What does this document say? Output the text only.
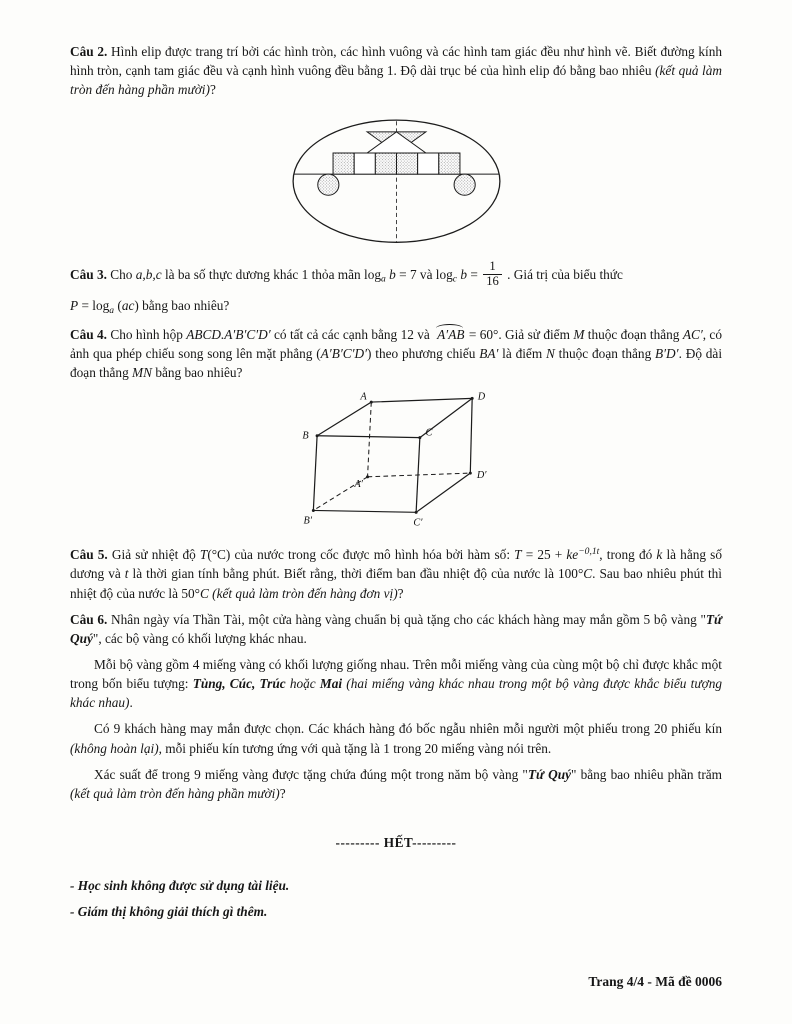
Câu 2. Hình elip được trang trí bởi các hình tròn, các hình vuông và các hình tam giác đều như hình vẽ. Biết đường kính hình tròn, cạnh tam giác đều và cạnh hình vuông đều bằng 1. Độ dài trục bé của hình elip đó bằng bao nhiêu (kết quả làm tròn đến hàng phần mười)?

Câu 3. Cho a,b,c là ba số thực dương khác 1 thỏa mãn $\log_a b = 7$ và $\log_c b = \frac{1}{16}$ . Giá trị của biểu thức

$P = \log_a (ac)$ bằng bao nhiêu?

Câu 4. Cho hình hộp ABCD.A′B′C′D′ có tất cả các cạnh bằng 12 và A′AB = 60°. Giả sử điểm M thuộc đoạn thẳng AC′, có ảnh qua phép chiếu song song lên mặt phẳng (A′B′C′D′) theo phương chiếu BA′ là điểm N thuộc đoạn thẳng B′D′. Độ dài đoạn thẳng MN bằng bao nhiêu?

A
B	C
D
A′
B′	C′
D′

Câu 5. Giả sử nhiệt độ T(°C) của nước trong cốc được mô hình hóa bởi hàm số: $T = 25 + ke^{-0,1t}$, trong đó k là hằng số dương và t là thời gian tính bằng phút. Biết rằng, thời điểm ban đầu nhiệt độ của nước là 100°C. Sau bao nhiêu phút thì nhiệt độ của nước là 50°C (kết quả làm tròn đến hàng đơn vị)?

Câu 6. Nhân ngày vía Thần Tài, một cửa hàng vàng chuẩn bị quà tặng cho các khách hàng may mắn gồm 5 bộ vàng "Tứ Quý", các bộ vàng có khối lượng khác nhau.

Mỗi bộ vàng gồm 4 miếng vàng có khối lượng giống nhau. Trên mỗi miếng vàng của cùng một bộ chỉ được khắc một trong bốn biểu tượng: Tùng, Cúc, Trúc hoặc Mai (hai miếng vàng khác nhau trong một bộ vàng được khắc biểu tượng khác nhau).

Có 9 khách hàng may mắn được chọn. Các khách hàng đó bốc ngẫu nhiên mỗi người một phiếu trong 20 phiếu kín (không hoàn lại), mỗi phiếu kín tương ứng với quà tặng là 1 trong 20 miếng vàng nói trên.

Xác suất để trong 9 miếng vàng được tặng chứa đúng một trong năm bộ vàng "Tứ Quý" bằng bao nhiêu phần trăm (kết quả làm tròn đến hàng phần mười)?

--------- HẾT---------

- Học sinh không được sử dụng tài liệu.

- Giám thị không giải thích gì thêm.

Trang 4/4 - Mã đề 0006
